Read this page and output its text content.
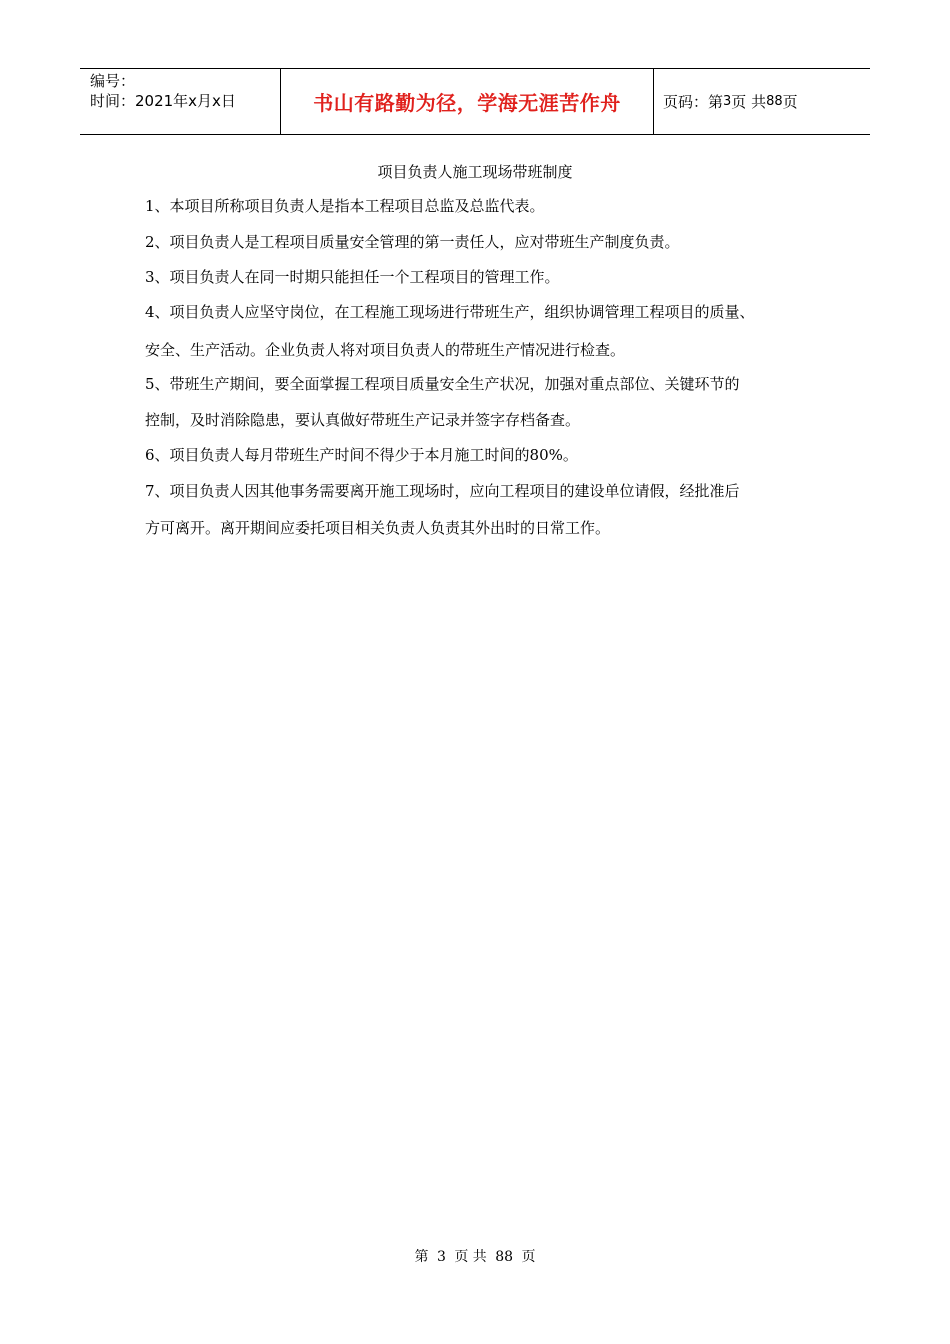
编号：
时间：2021年x月x日	书山有路勤为径，学海无涯苦作舟	页码：第 3 页 共 88 页
项目负责人施工现场带班制度
1、本项目所称项目负责人是指本工程项目总监及总监代表。
2、项目负责人是工程项目质量安全管理的第一责任人，应对带班生产制度负责。
3、项目负责人在同一时期只能担任一个工程项目的管理工作。
4、项目负责人应坚守岗位，在工程施工现场进行带班生产，组织协调管理工程项目的质量、
安全、生产活动。企业负责人将对项目负责人的带班生产情况进行检查。
5、带班生产期间，要全面掌握工程项目质量安全生产状况，加强对重点部位、关键环节的
控制，及时消除隐患，要认真做好带班生产记录并签字存档备查。
6、项目负责人每月带班生产时间不得少于本月施工时间的80%。
7、项目负责人因其他事务需要离开施工现场时，应向工程项目的建设单位请假，经批准后
方可离开。离开期间应委托项目相关负责人负责其外出时的日常工作。
第 3 页 共 88 页
